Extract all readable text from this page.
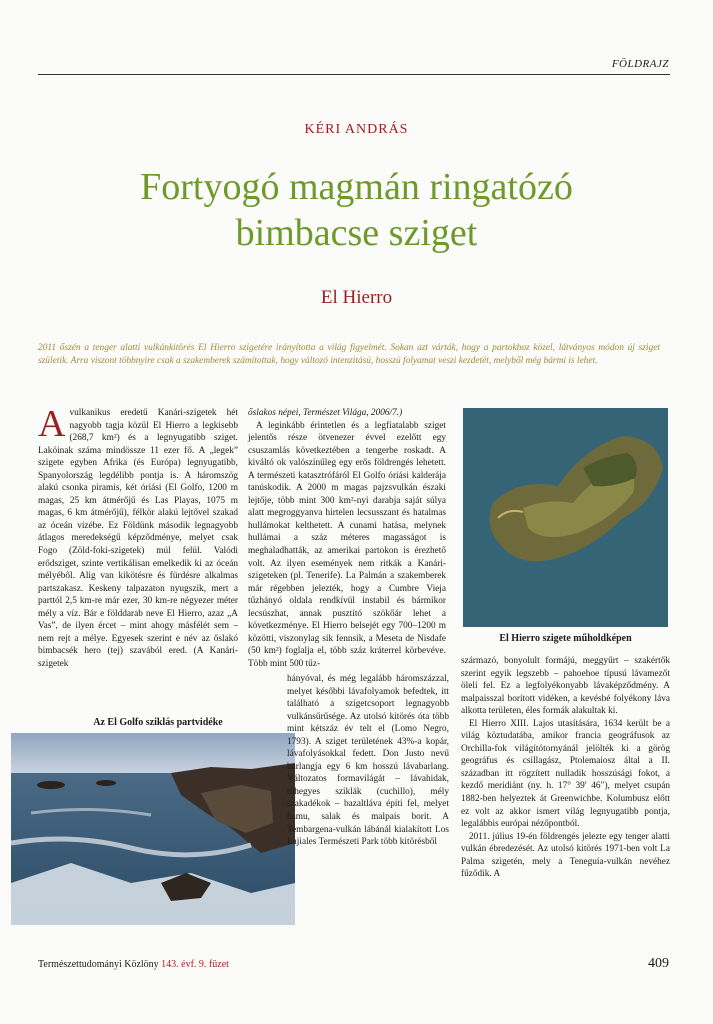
FÖLDRAJZ
KÉRI ANDRÁS
Fortyogó magmán ringatózó
bimbacse sziget
El Hierro
2011 őszén a tenger alatti vulkánkitörés El Hierro szigetére irányította a világ figyelmét. Sokan azt várták, hogy a partokhoz közel, látványos módon új sziget születik. Arra viszont többnyire csak a szakemberek számítottak, hogy változó intenzitású, hosszú folyamat veszi kezdetét, melyből még bármi is lehet.
A vulkanikus eredetű Kanári-szigetek hét nagyobb tagja közül El Hierro a legkisebb (268,7 km²) és a legnyugatibb sziget. Lakóinak száma mindössze 11 ezer fő. A „legek” szigete egyben Afrika (és Európa) legnyugatibb, Spanyolország legdélibb pontja is. A háromszög alakú csonka piramis, két óriási (El Golfo, 1200 m magas, 25 km átmérőjű és Las Playas, 1075 m magas, 6 km átmérőjű), félkör alakú lejtővel szakad az óceán vízébe. Ez Földünk második legnagyobb átlagos meredekségű képződménye, melyet csak Fogo (Zöld-foki-szigetek) múl felül. Valódi erődsziget, szinte vertikálisan emelkedik ki az óceán mélyéből. Alig van kikötésre és fürdésre alkalmas partszakasz. Keskeny talpazaton nyugszik, mert a parttól 2,5 km-re már ezer, 30 km-re négyezer méter mély a víz. Bár e földdarab neve El Hierro, azaz „A Vas”, de ilyen ércet – mint ahogy másfélét sem – nem rejt a mélye. Egyesek szerint e név az őslakó bimbacsék hero (tej) szavából ered. (A Kanári-szigetek

Az El Golfo sziklás partvidéke

őslakos népei, Természet Világa, 2006/7.)

A leginkább érintetlen és a legfiatalabb sziget jelentős része ötvenezer évvel ezelőtt egy csuszamlás következtében a tengerbe roskadt. A kiváltó ok valószínűleg egy erős földrengés lehetett. A természeti katasztrófáról El Golfo óriási kalderája tanúskodik. A 2000 m magas pajzsvulkán északi lejtője, több mint 300 km²-nyi darabja saját súlya alatt megroggyanva hirtelen lecsusszant és hatalmas hullámokat kelthetett. A cunami hatása, melynek hullámai a száz méteres magasságot is meghaladhatták, az amerikai partokon is érezhető volt. Az ilyen események nem ritkák a Kanári-szigeteken (pl. Tenerife). La Palmán a szakemberek már régebben jelezték, hogy a Cumbre Vieja tűzhányó oldala rendkívül instabil és bármikor lecsúszhat, annak pusztító szökőár lehet a következménye. El Hierro belsejét egy 700–1200 m közötti, viszonylag sík fennsík, a Meseta de Nisdafe (50 km²) foglalja el, több száz kráterrel körbevéve. Több mint 500 tűz-

hányóval, és még legalább háromszázzal, melyet későbbi lávafolyamok befedtek, itt található a szigetcsoport legnagyobb vulkánsűrűsége. Az utolsó kitörés óta több mint kétszáz év telt el (Lomo Negro, 1793). A sziget területének 43%-a kopár, lávafolyásokkal fedett. Don Justo nevű barlangja egy 6 km hosszú lávabarlang. Változatos formavilágát – lávahidak, tűhegyes sziklák (cuchillo), mély szakadékok – bazaltláva építi fel, melyet hamu, salak és malpais borít. A Tembargena-vulkán lábánál kialakított Los Lajiales Természeti Park több kitörésből

El Hierro szigete műholdképen

származó, bonyolult formájú, meggyűrt – szakértők szerint egyik legszebb – pahoehoe típusú lávamezőt öleli fel. Ez a legfolyékonyabb lávaképződmény. A malpaisszal borított vidéken, a kevésbé folyékony láva alkotta területen, éles formák alakultak ki.

El Hierro XIII. Lajos utasítására, 1634 került be a világ köztudatába, amikor francia geográfusok az Orchilla-fok világítótornyánál jelölték ki a görög geográfus és csillagász, Ptolemaiosz által a II. században itt rögzített nulladik hosszúsági fokot, a kezdő meridiánt (ny. h. 17° 39′ 46″), melyet csupán 1882-ben helyeztek át Greenwichbe. Kolumbusz előtt ez volt az akkor ismert világ legnyugatibb pontja, legalábbis európai nézőpontból.

2011. július 19-én földrengés jelezte egy tenger alatti vulkán ébredezését. Az utolsó kitörés 1971-ben volt La Palma szigetén, mely a Teneguía-vulkán nevéhez fűződik. A

Természettudományi Közlöny 143. évf. 9. füzet	409
